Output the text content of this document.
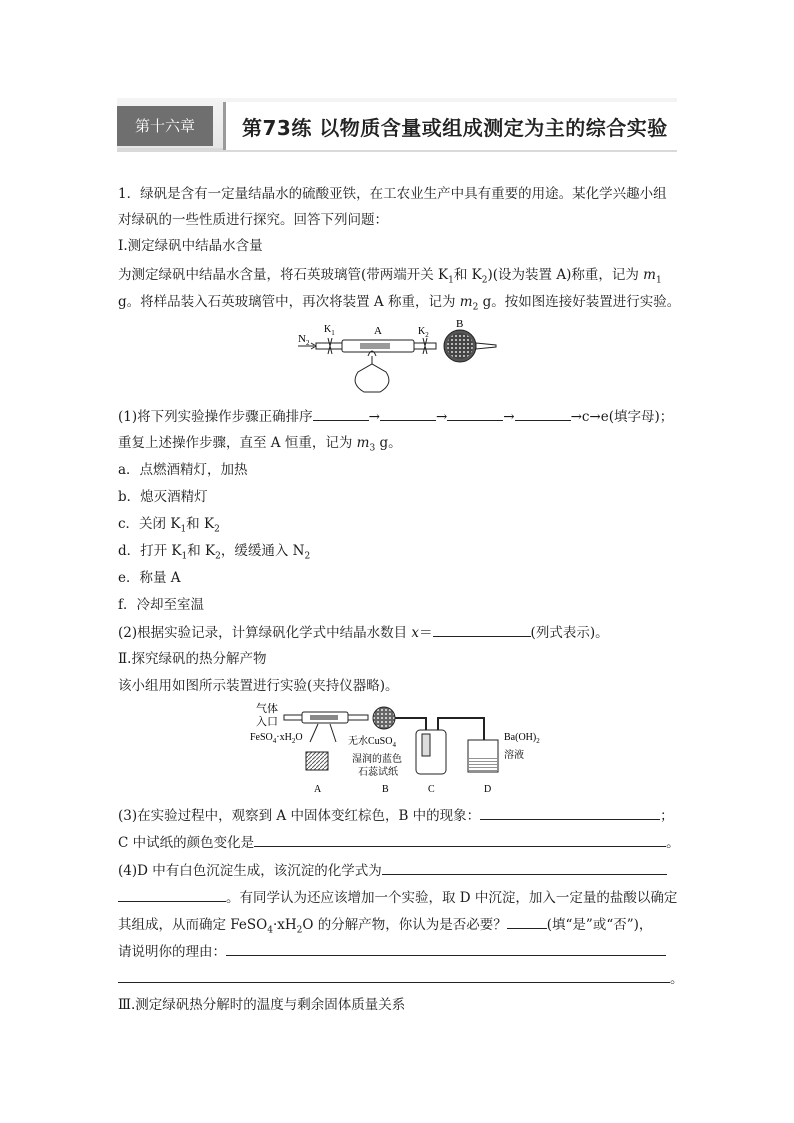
第十六章	第73练 以物质含量或组成测定为主的综合实验
1．绿矾是含有一定量结晶水的硫酸亚铁，在工农业生产中具有重要的用途。某化学兴趣小组
对绿矾的一些性质进行探究。回答下列问题：
Ⅰ.测定绿矾中结晶水含量
为测定绿矾中结晶水含量，将石英玻璃管(带两端开关 $K_1$和 $K_2$)(设为装置 A)称重，记为 $m_1$
g。将样品装入石英玻璃管中，再次将装置 A 称重，记为 $m_2$ g。按如图连接好装置进行实验。
$N_2$
$K_1$	A	$K_2$
B
(1)将下列实验操作步骤正确排序	→	→	→	→c→e(填字母)；
重复上述操作步骤，直至 A 恒重，记为 $m_3$ g。
a．点燃酒精灯，加热
b．熄灭酒精灯
c．关闭 $K_1$和 $K_2$
d．打开 $K_1$和 $K_2$，缓缓通入 $N_2$
e．称量 A
f．冷却至室温
(2)根据实验记录，计算绿矾化学式中结晶水数目 x＝	(列式表示)。
Ⅱ.探究绿矾的热分解产物
该小组用如图所示装置进行实验(夹持仪器略)。
气体
入口
$FeSO_4\cdot xH_2O$	无水CuSO$_4$
湿润的蓝色
石蕊试纸
$Ba(OH)_2$
溶液
A	B	C	D
(3)在实验过程中，观察到 A 中固体变红棕色，B 中的现象：	；
C 中试纸的颜色变化是	。
(4)D 中有白色沉淀生成，该沉淀的化学式为
。有同学认为还应该增加一个实验，取 D 中沉淀，加入一定量的盐酸以确定
其组成，从而确定 $FeSO_4\cdot xH_2O$ 的分解产物，你认为是否必要？	(填“是”或“否”)，
请说明你的理由：
。
Ⅲ.测定绿矾热分解时的温度与剩余固体质量关系
